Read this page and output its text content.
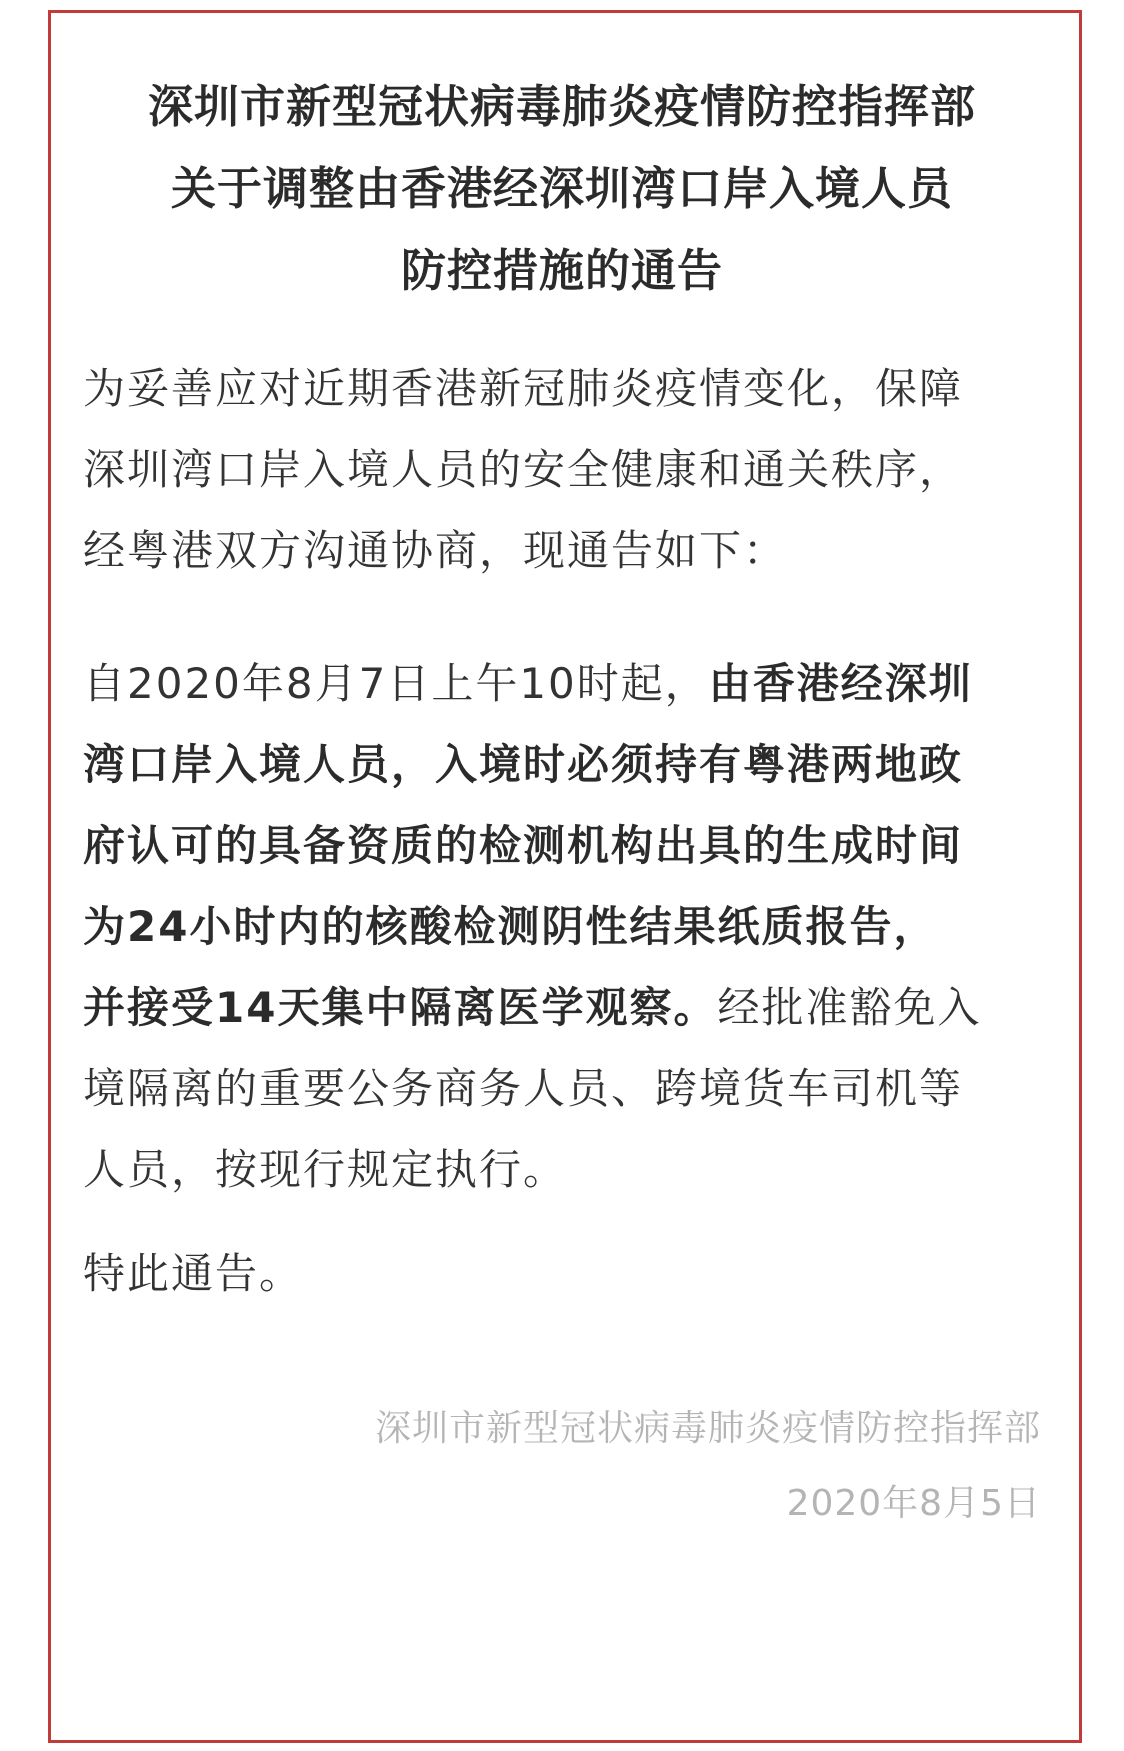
深圳市新型冠状病毒肺炎疫情防控指挥部
关于调整由香港经深圳湾口岸入境人员
防控措施的通告
为妥善应对近期香港新冠肺炎疫情变化，保障
深圳湾口岸入境人员的安全健康和通关秩序，
经粤港双方沟通协商，现通告如下：
自2020年8月7日上午10时起，由香港经深圳
湾口岸入境人员，入境时必须持有粤港两地政
府认可的具备资质的检测机构出具的生成时间
为24小时内的核酸检测阴性结果纸质报告，
并接受14天集中隔离医学观察。经批准豁免入
境隔离的重要公务商务人员、跨境货车司机等
人员，按现行规定执行。
特此通告。
深圳市新型冠状病毒肺炎疫情防控指挥部
2020年8月5日
